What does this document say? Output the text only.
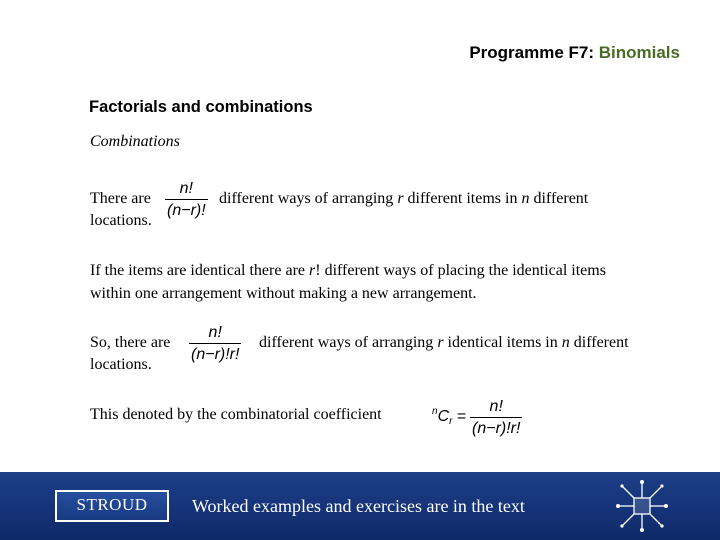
Programme F7: Binomials
Factorials and combinations
Combinations
There are
n!
(n−r)!
different ways of arranging r different items in n different
locations.
If the items are identical there are r! different ways of placing the identical items
within one arrangement without making a new arrangement.
So, there are
n!
(n−r)!r!
different ways of arranging r identical items in n different
locations.
This denoted by the combinatorial coefficient	$^nC_r$ =
n!
(n−r)!r!
STROUD	Worked examples and exercises are in the text
